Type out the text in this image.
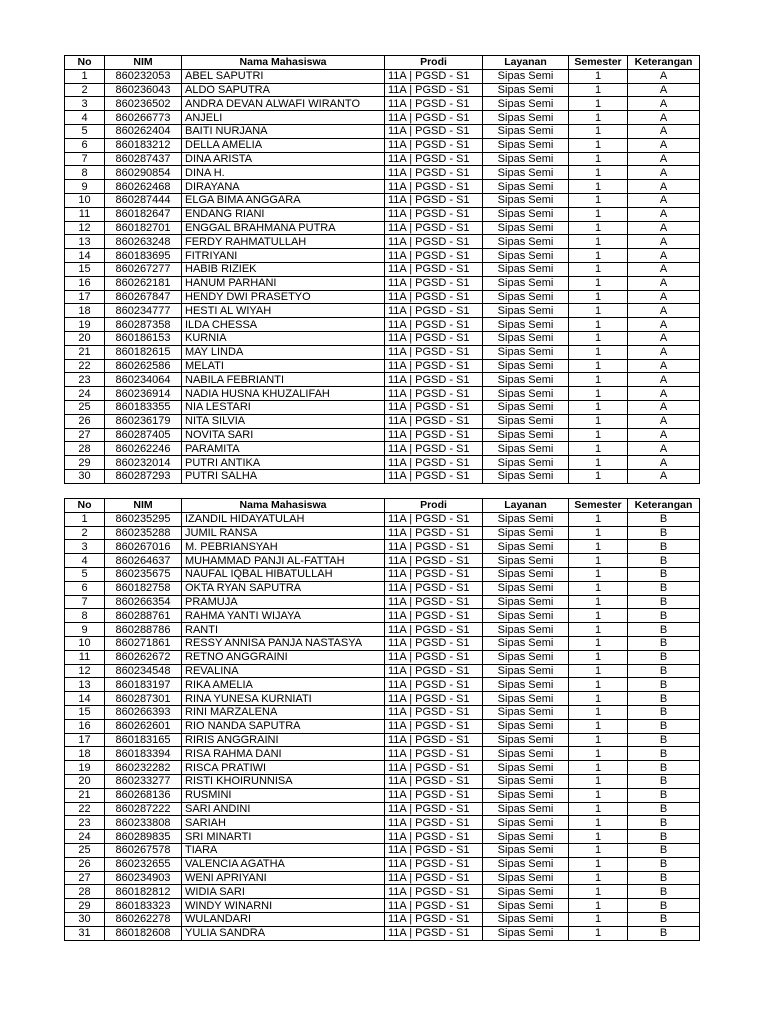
No	NIM	Nama Mahasiswa	Prodi	Layanan	Semester	Keterangan
1	860232053	ABEL SAPUTRI	11A | PGSD - S1	Sipas Semi	1	A
2	860236043	ALDO SAPUTRA	11A | PGSD - S1	Sipas Semi	1	A
3	860236502	ANDRA DEVAN ALWAFI WIRANTO	11A | PGSD - S1	Sipas Semi	1	A
4	860266773	ANJELI	11A | PGSD - S1	Sipas Semi	1	A
5	860262404	BAITI NURJANA	11A | PGSD - S1	Sipas Semi	1	A
6	860183212	DELLA AMELIA	11A | PGSD - S1	Sipas Semi	1	A
7	860287437	DINA ARISTA	11A | PGSD - S1	Sipas Semi	1	A
8	860290854	DINA H.	11A | PGSD - S1	Sipas Semi	1	A
9	860262468	DIRAYANA	11A | PGSD - S1	Sipas Semi	1	A
10	860287444	ELGA BIMA ANGGARA	11A | PGSD - S1	Sipas Semi	1	A
11	860182647	ENDANG RIANI	11A | PGSD - S1	Sipas Semi	1	A
12	860182701	ENGGAL BRAHMANA PUTRA	11A | PGSD - S1	Sipas Semi	1	A
13	860263248	FERDY RAHMATULLAH	11A | PGSD - S1	Sipas Semi	1	A
14	860183695	FITRIYANI	11A | PGSD - S1	Sipas Semi	1	A
15	860267277	HABIB RIZIEK	11A | PGSD - S1	Sipas Semi	1	A
16	860262181	HANUM PARHANI	11A | PGSD - S1	Sipas Semi	1	A
17	860267847	HENDY DWI PRASETYO	11A | PGSD - S1	Sipas Semi	1	A
18	860234777	HESTI AL WIYAH	11A | PGSD - S1	Sipas Semi	1	A
19	860287358	ILDA CHESSA	11A | PGSD - S1	Sipas Semi	1	A
20	860186153	KURNIA	11A | PGSD - S1	Sipas Semi	1	A
21	860182615	MAY LINDA	11A | PGSD - S1	Sipas Semi	1	A
22	860262586	MELATI	11A | PGSD - S1	Sipas Semi	1	A
23	860234064	NABILA FEBRIANTI	11A | PGSD - S1	Sipas Semi	1	A
24	860236914	NADIA HUSNA KHUZALIFAH	11A | PGSD - S1	Sipas Semi	1	A
25	860183355	NIA LESTARI	11A | PGSD - S1	Sipas Semi	1	A
26	860236179	NITA SILVIA	11A | PGSD - S1	Sipas Semi	1	A
27	860287405	NOVITA SARI	11A | PGSD - S1	Sipas Semi	1	A
28	860262246	PARAMITA	11A | PGSD - S1	Sipas Semi	1	A
29	860232014	PUTRI ANTIKA	11A | PGSD - S1	Sipas Semi	1	A
30	860287293	PUTRI SALHA	11A | PGSD - S1	Sipas Semi	1	A
No	NIM	Nama Mahasiswa	Prodi	Layanan	Semester	Keterangan
1	860235295	IZANDIL HIDAYATULAH	11A | PGSD - S1	Sipas Semi	1	B
2	860235288	JUMIL RANSA	11A | PGSD - S1	Sipas Semi	1	B
3	860267016	M. PEBRIANSYAH	11A | PGSD - S1	Sipas Semi	1	B
4	860264637	MUHAMMAD PANJI AL-FATTAH	11A | PGSD - S1	Sipas Semi	1	B
5	860235675	NAUFAL IQBAL HIBATULLAH	11A | PGSD - S1	Sipas Semi	1	B
6	860182758	OKTA RYAN SAPUTRA	11A | PGSD - S1	Sipas Semi	1	B
7	860266354	PRAMUJA	11A | PGSD - S1	Sipas Semi	1	B
8	860288761	RAHMA YANTI WIJAYA	11A | PGSD - S1	Sipas Semi	1	B
9	860288786	RANTI	11A | PGSD - S1	Sipas Semi	1	B
10	860271861	RESSY ANNISA PANJA NASTASYA	11A | PGSD - S1	Sipas Semi	1	B
11	860262672	RETNO ANGGRAINI	11A | PGSD - S1	Sipas Semi	1	B
12	860234548	REVALINA	11A | PGSD - S1	Sipas Semi	1	B
13	860183197	RIKA AMELIA	11A | PGSD - S1	Sipas Semi	1	B
14	860287301	RINA YUNESA KURNIATI	11A | PGSD - S1	Sipas Semi	1	B
15	860266393	RINI MARZALENA	11A | PGSD - S1	Sipas Semi	1	B
16	860262601	RIO NANDA SAPUTRA	11A | PGSD - S1	Sipas Semi	1	B
17	860183165	RIRIS ANGGRAINI	11A | PGSD - S1	Sipas Semi	1	B
18	860183394	RISA RAHMA DANI	11A | PGSD - S1	Sipas Semi	1	B
19	860232282	RISCA PRATIWI	11A | PGSD - S1	Sipas Semi	1	B
20	860233277	RISTI KHOIRUNNISA	11A | PGSD - S1	Sipas Semi	1	B
21	860268136	RUSMINI	11A | PGSD - S1	Sipas Semi	1	B
22	860287222	SARI ANDINI	11A | PGSD - S1	Sipas Semi	1	B
23	860233808	SARIAH	11A | PGSD - S1	Sipas Semi	1	B
24	860289835	SRI MINARTI	11A | PGSD - S1	Sipas Semi	1	B
25	860267578	TIARA	11A | PGSD - S1	Sipas Semi	1	B
26	860232655	VALENCIA AGATHA	11A | PGSD - S1	Sipas Semi	1	B
27	860234903	WENI APRIYANI	11A | PGSD - S1	Sipas Semi	1	B
28	860182812	WIDIA SARI	11A | PGSD - S1	Sipas Semi	1	B
29	860183323	WINDY WINARNI	11A | PGSD - S1	Sipas Semi	1	B
30	860262278	WULANDARI	11A | PGSD - S1	Sipas Semi	1	B
31	860182608	YULIA SANDRA	11A | PGSD - S1	Sipas Semi	1	B
